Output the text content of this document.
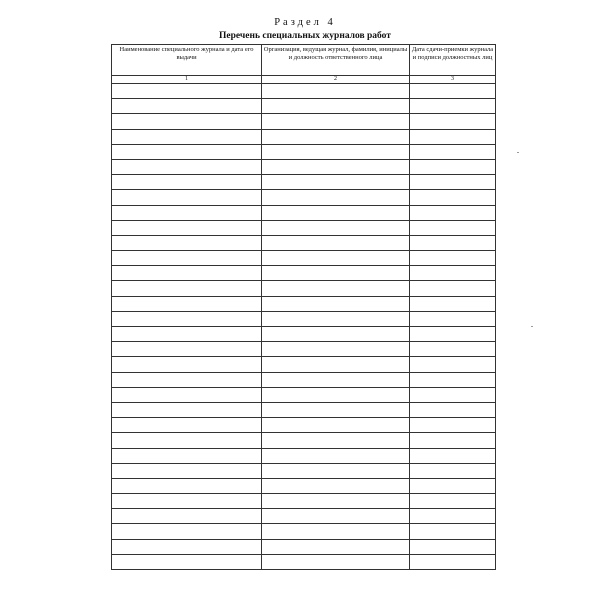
Раздел 4
Перечень специальных журналов работ
Наименование специального журнала и дата его выдачи	Организация, ведущая журнал, фамилия, инициалы и должность ответственного лица	Дата сдачи-приемки журнала и подписи должностных лиц
1	2	3
